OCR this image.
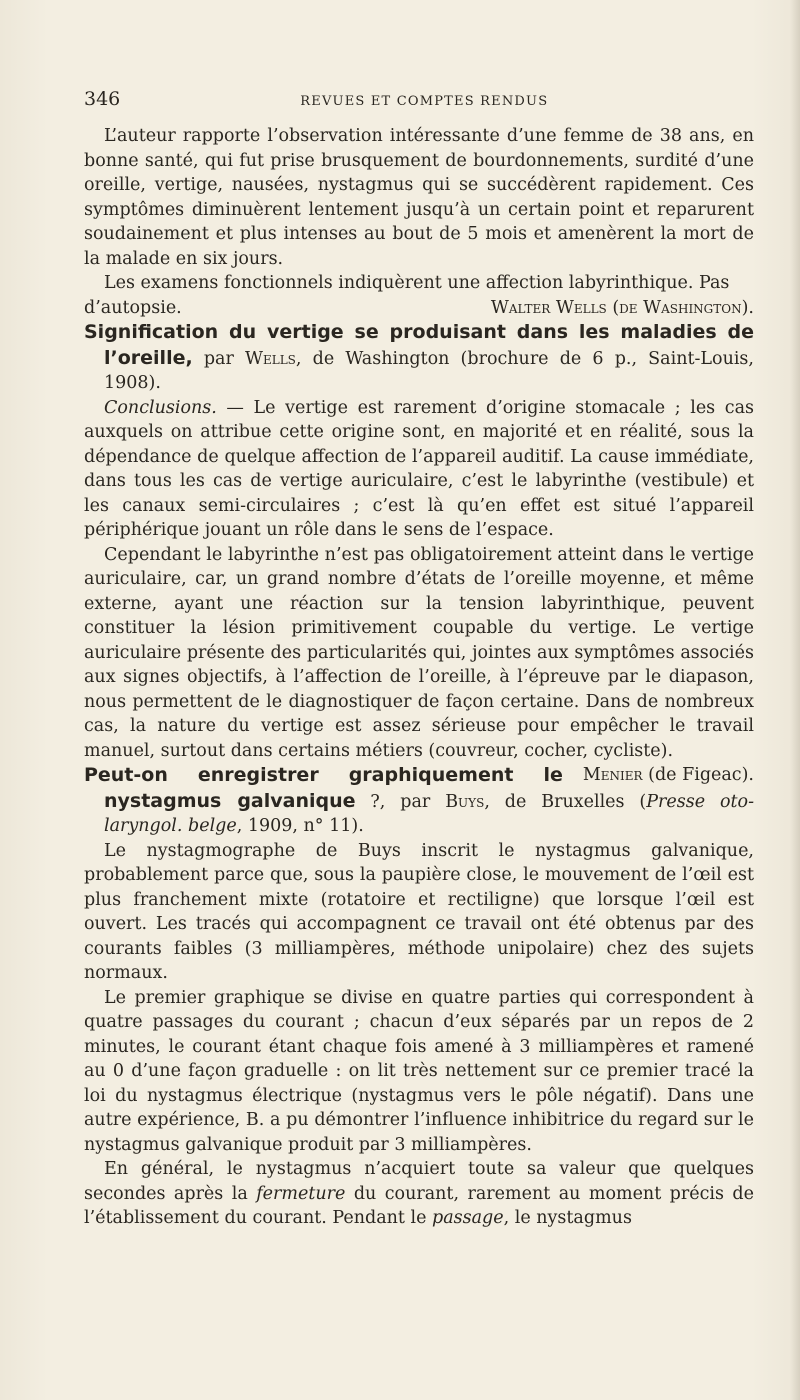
346	REVUES ET COMPTES RENDUS

L’auteur rapporte l’observation intéressante d’une femme de 38 ans, en bonne santé, qui fut prise brusquement de bourdonnements, surdité d’une oreille, vertige, nausées, nystagmus qui se succédèrent rapidement. Ces symptômes diminuèrent lentement jusqu’à un certain point et reparurent soudainement et plus intenses au bout de 5 mois et amenèrent la mort de la malade en six jours.

Les examens fonctionnels indiquèrent une affection labyrinthique. Pas d’autopsie.	Walter Wells (de Washington).

Signification du vertige se produisant dans les maladies de l’oreille, par Wells, de Washington (brochure de 6 p., Saint-Louis, 1908).

Conclusions. — Le vertige est rarement d’origine stomacale ; les cas auxquels on attribue cette origine sont, en majorité et en réalité, sous la dépendance de quelque affection de l’appareil auditif. La cause immédiate, dans tous les cas de vertige auriculaire, c’est le labyrinthe (vestibule) et les canaux semi-circulaires ; c’est là qu’en effet est situé l’appareil périphérique jouant un rôle dans le sens de l’espace.

Cependant le labyrinthe n’est pas obligatoirement atteint dans le vertige auriculaire, car, un grand nombre d’états de l’oreille moyenne, et même externe, ayant une réaction sur la tension labyrinthique, peuvent constituer la lésion primitivement coupable du vertige. Le vertige auriculaire présente des particularités qui, jointes aux symptômes associés aux signes objectifs, à l’affection de l’oreille, à l’épreuve par le diapason, nous permettent de le diagnostiquer de façon certaine. Dans de nombreux cas, la nature du vertige est assez sérieuse pour empêcher le travail manuel, surtout dans certains métiers (couvreur, cocher, cycliste).
Menier (de Figeac).

Peut-on enregistrer graphiquement le nystagmus galvanique ?, par Buys, de Bruxelles (Presse oto-laryngol. belge, 1909, n° 11).

Le nystagmographe de Buys inscrit le nystagmus galvanique, probablement parce que, sous la paupière close, le mouvement de l’œil est plus franchement mixte (rotatoire et rectiligne) que lorsque l’œil est ouvert. Les tracés qui accompagnent ce travail ont été obtenus par des courants faibles (3 milliampères, méthode unipolaire) chez des sujets normaux.

Le premier graphique se divise en quatre parties qui correspondent à quatre passages du courant ; chacun d’eux séparés par un repos de 2 minutes, le courant étant chaque fois amené à 3 milliampères et ramené au 0 d’une façon graduelle : on lit très nettement sur ce premier tracé la loi du nystagmus électrique (nystagmus vers le pôle négatif). Dans une autre expérience, B. a pu démontrer l’influence inhibitrice du regard sur le nystagmus galvanique produit par 3 milliampères.

En général, le nystagmus n’acquiert toute sa valeur que quelques secondes après la fermeture du courant, rarement au moment précis de l’établissement du courant. Pendant le passage, le nystagmus
